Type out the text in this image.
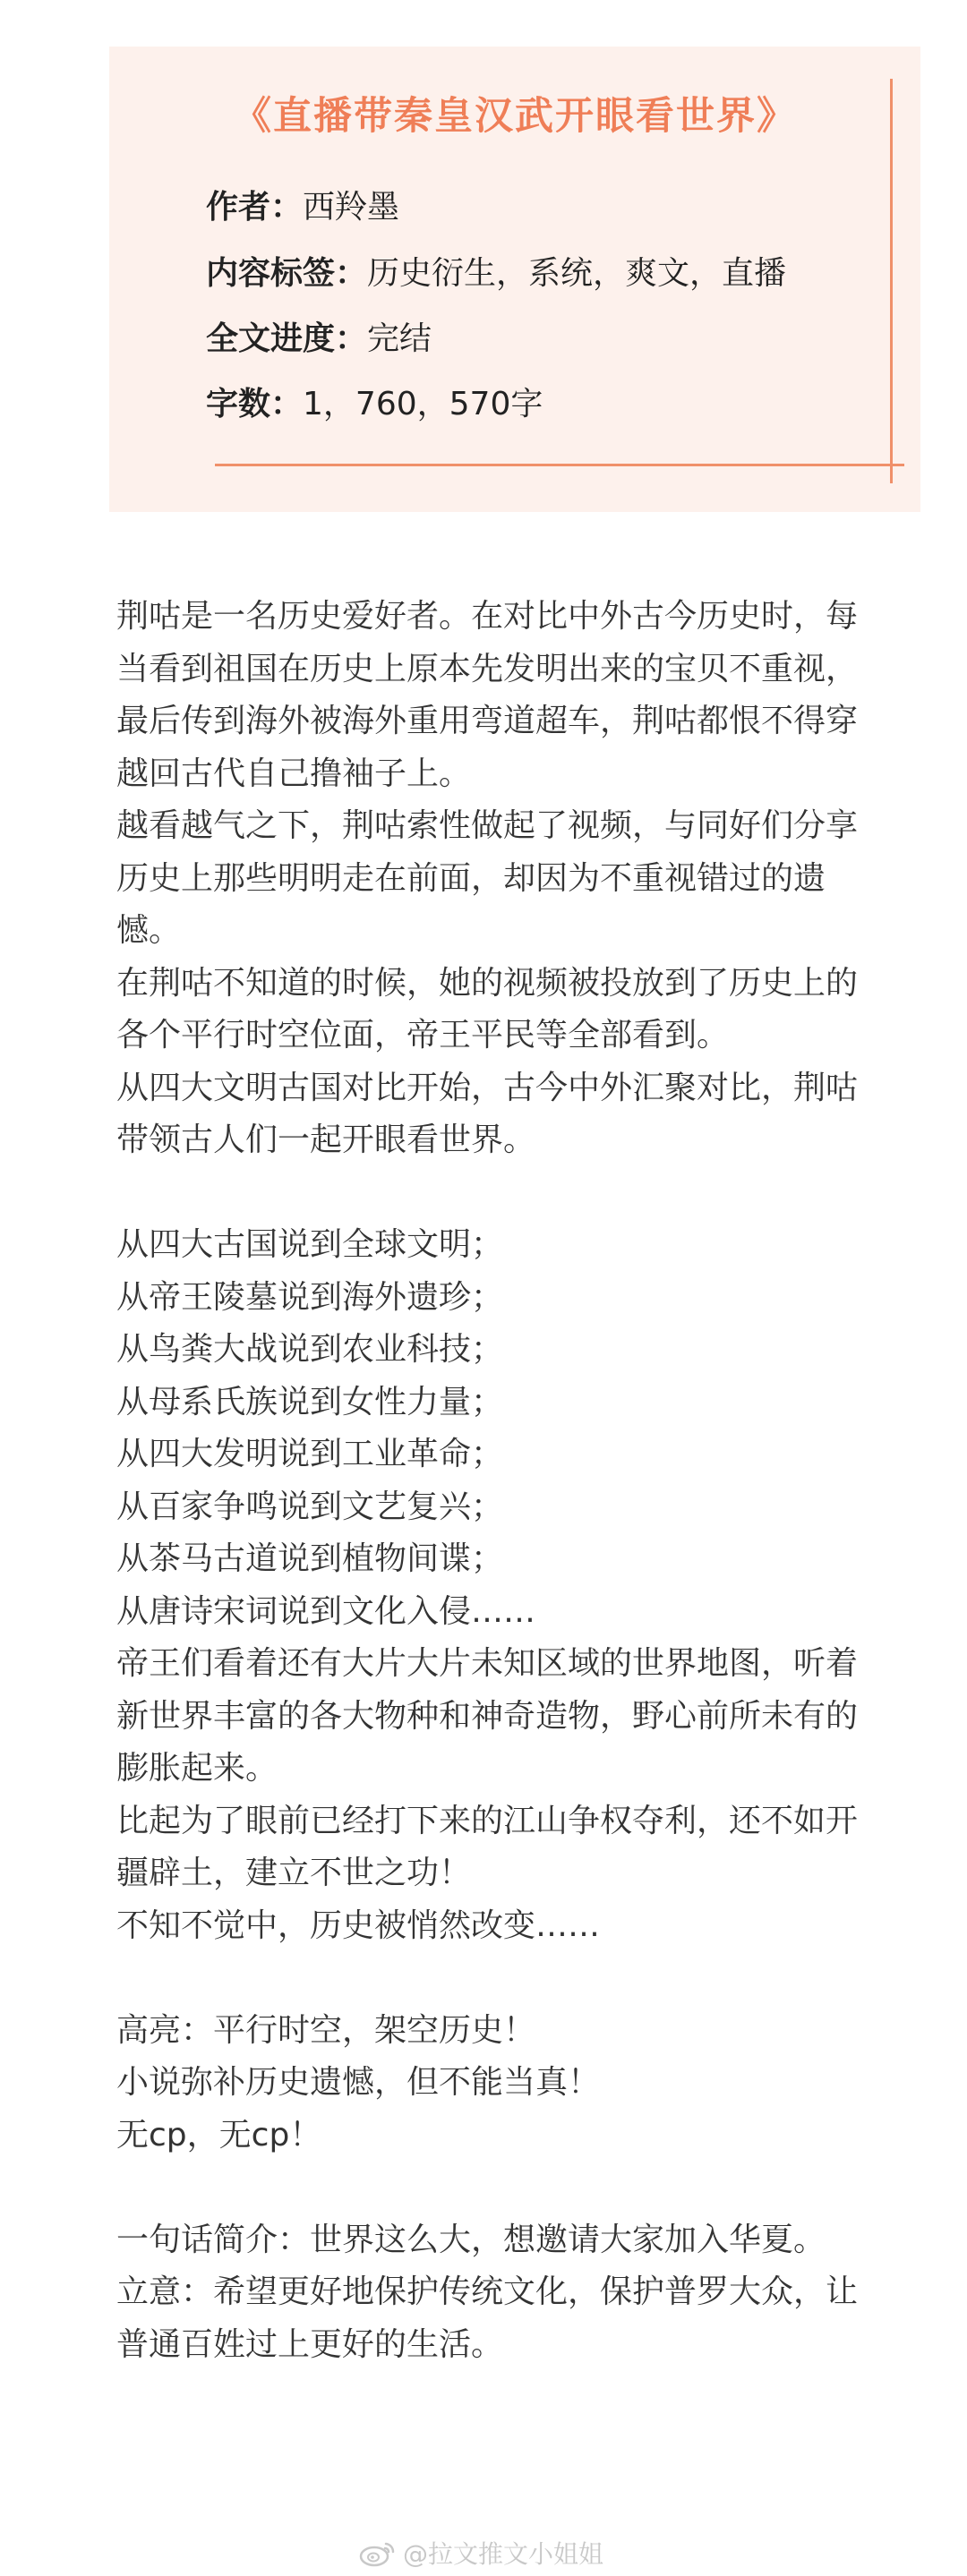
《直播带秦皇汉武开眼看世界》
作者：西羚墨
内容标签：历史衍生，系统，爽文，直播
全文进度：完结
字数：1，760，570字

荆咕是一名历史爱好者。在对比中外古今历史时，每当看到祖国在历史上原本先发明出来的宝贝不重视，最后传到海外被海外重用弯道超车，荆咕都恨不得穿越回古代自己撸袖子上。

越看越气之下，荆咕索性做起了视频，与同好们分享历史上那些明明走在前面，却因为不重视错过的遗憾。

在荆咕不知道的时候，她的视频被投放到了历史上的各个平行时空位面，帝王平民等全部看到。

从四大文明古国对比开始，古今中外汇聚对比，荆咕带领古人们一起开眼看世界。

从四大古国说到全球文明；

从帝王陵墓说到海外遗珍；

从鸟粪大战说到农业科技；

从母系氏族说到女性力量；

从四大发明说到工业革命；

从百家争鸣说到文艺复兴；

从茶马古道说到植物间谍；

从唐诗宋词说到文化入侵……

帝王们看着还有大片大片未知区域的世界地图，听着新世界丰富的各大物种和神奇造物，野心前所未有的膨胀起来。

比起为了眼前已经打下来的江山争权夺利，还不如开疆辟土，建立不世之功！

不知不觉中，历史被悄然改变……

高亮：平行时空，架空历史！

小说弥补历史遗憾，但不能当真！

无cp，无cp！

一句话简介：世界这么大，想邀请大家加入华夏。

立意：希望更好地保护传统文化，保护普罗大众，让普通百姓过上更好的生活。

@拉文推文小姐姐
